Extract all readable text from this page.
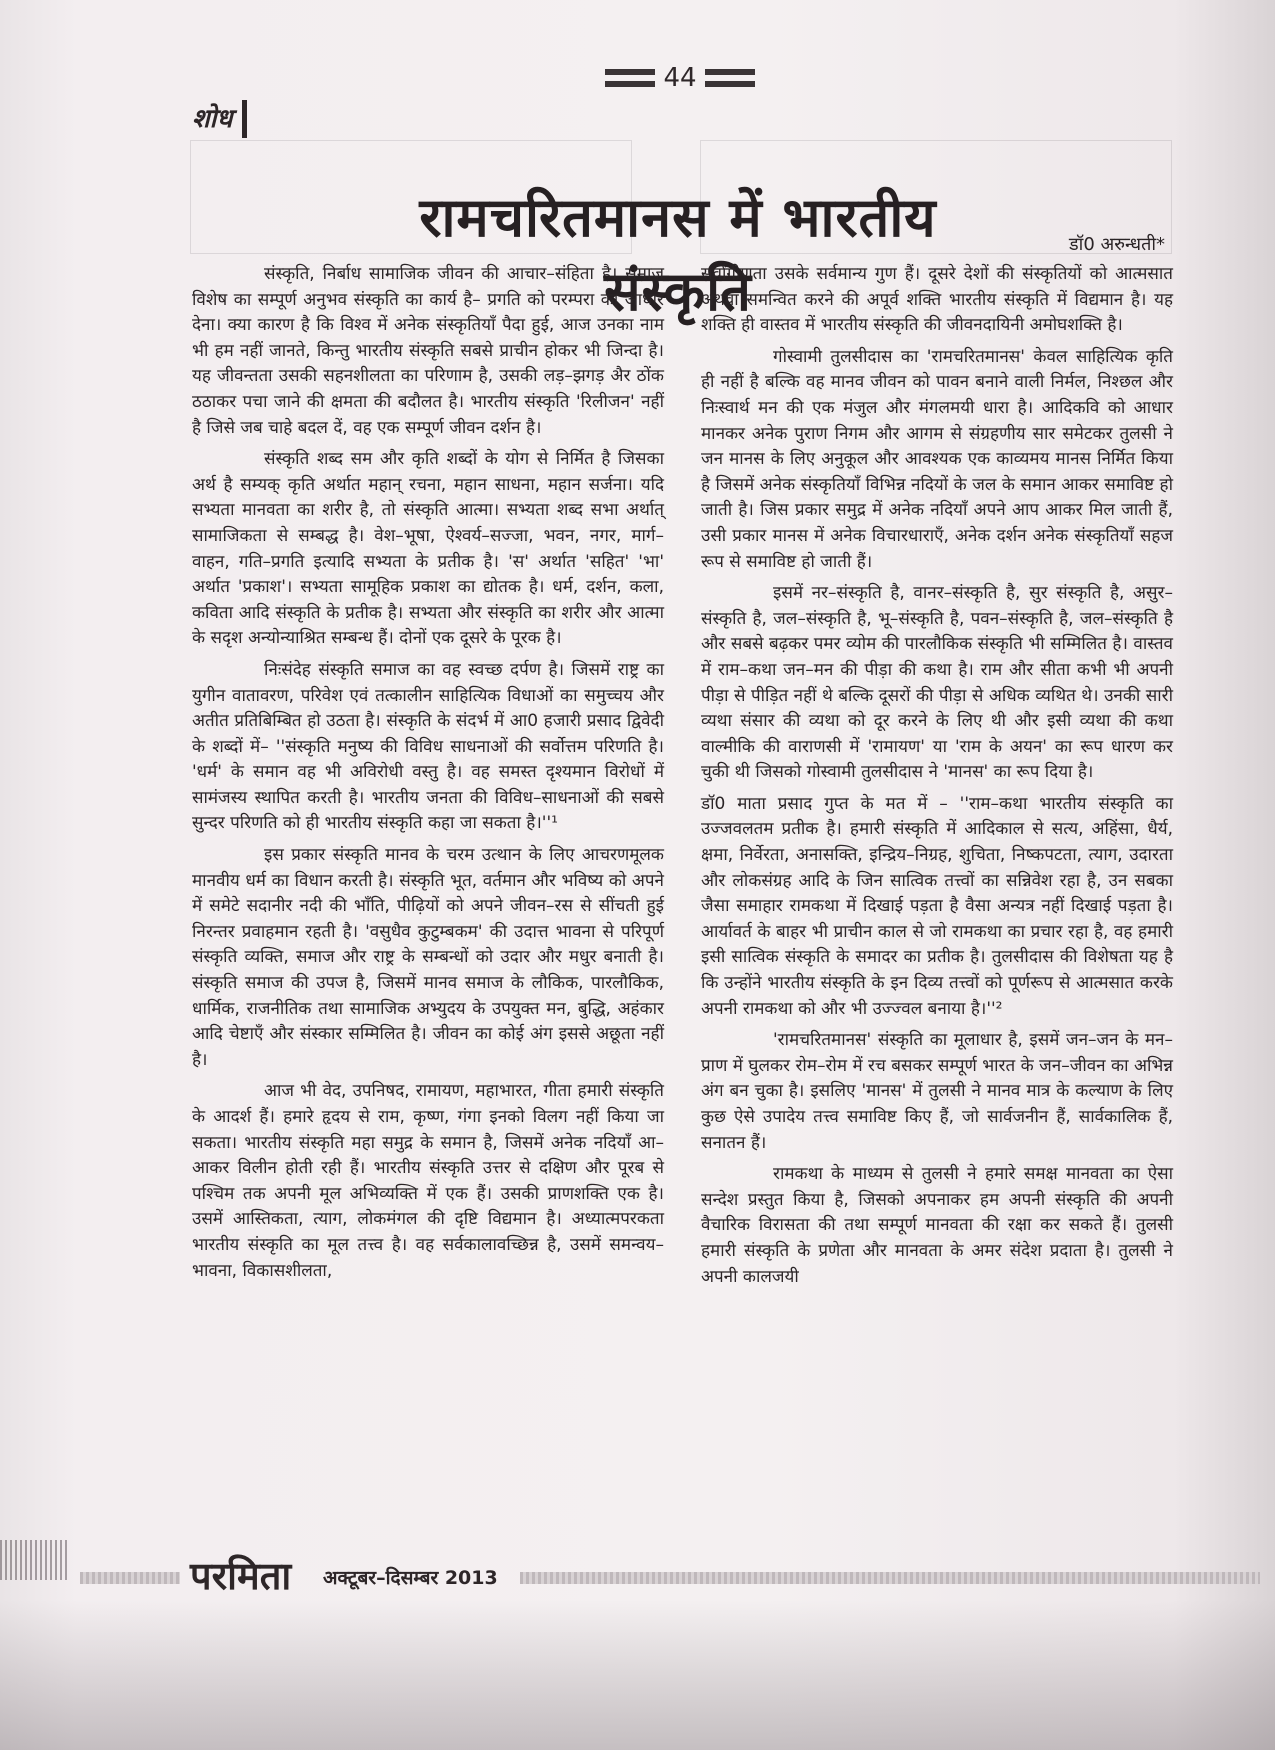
44
शोध
रामचरितमानस में भारतीय संस्कृति
डॉ0 अरुन्धती*

संस्कृति, निर्बाध सामाजिक जीवन की आचार–संहिता है। समाज विशेष का सम्पूर्ण अनुभव संस्कृति का कार्य है– प्रगति को परम्परा का आधार देना। क्या कारण है कि विश्व में अनेक संस्कृतियाँ पैदा हुई, आज उनका नाम भी हम नहीं जानते, किन्तु भारतीय संस्कृति सबसे प्राचीन होकर भी जिन्दा है। यह जीवन्तता उसकी सहनशीलता का परिणाम है, उसकी लड़–झगड़ अैर ठोंक ठठाकर पचा जाने की क्षमता की बदौलत है। भारतीय संस्कृति 'रिलीजन' नहीं है जिसे जब चाहे बदल दें, वह एक सम्पूर्ण जीवन दर्शन है।

संस्कृति शब्द सम और कृति शब्दों के योग से निर्मित है जिसका अर्थ है सम्यक् कृति अर्थात महान् रचना, महान साधना, महान सर्जना। यदि सभ्यता मानवता का शरीर है, तो संस्कृति आत्मा। सभ्यता शब्द सभा अर्थात् सामाजिकता से सम्बद्ध है। वेश–भूषा, ऐश्वर्य–सज्जा, भवन, नगर, मार्ग–वाहन, गति–प्रगति इत्यादि सभ्यता के प्रतीक है। 'स' अर्थात 'सहित' 'भा' अर्थात 'प्रकाश'। सभ्यता सामूहिक प्रकाश का द्योतक है। धर्म, दर्शन, कला, कविता आदि संस्कृति के प्रतीक है। सभ्यता और संस्कृति का शरीर और आत्मा के सदृश अन्योन्याश्रित सम्बन्ध हैं। दोनों एक दूसरे के पूरक है।

निःसंदेह संस्कृति समाज का वह स्वच्छ दर्पण है। जिसमें राष्ट्र का युगीन वातावरण, परिवेश एवं तत्कालीन साहित्यिक विधाओं का समुच्चय और अतीत प्रतिबिम्बित हो उठता है। संस्कृति के संदर्भ में आ0 हजारी प्रसाद द्विवेदी के शब्दों में– ''संस्कृति मनुष्य की विविध साधनाओं की सर्वोत्तम परिणति है। 'धर्म' के समान वह भी अविरोधी वस्तु है। वह समस्त दृश्यमान विरोधों में सामंजस्य स्थापित करती है। भारतीय जनता की विविध–साधनाओं की सबसे सुन्दर परिणति को ही भारतीय संस्कृति कहा जा सकता है।''¹

इस प्रकार संस्कृति मानव के चरम उत्थान के लिए आचरणमूलक मानवीय धर्म का विधान करती है। संस्कृति भूत, वर्तमान और भविष्य को अपने में समेटे सदानीर नदी की भाँति, पीढ़ियों को अपने जीवन–रस से सींचती हुई निरन्तर प्रवाहमान रहती है। 'वसुधैव कुटुम्बकम' की उदात्त भावना से परिपूर्ण संस्कृति व्यक्ति, समाज और राष्ट्र के सम्बन्धों को उदार और मधुर बनाती है। संस्कृति समाज की उपज है, जिसमें मानव समाज के लौकिक, पारलौकिक, धार्मिक, राजनीतिक तथा सामाजिक अभ्युदय के उपयुक्त मन, बुद्धि, अहंकार आदि चेष्टाएँ और संस्कार सम्मिलित है। जीवन का कोई अंग इससे अछूता नहीं है।

आज भी वेद, उपनिषद, रामायण, महाभारत, गीता हमारी संस्कृति के आदर्श हैं। हमारे हृदय से राम, कृष्ण, गंगा इनको विलग नहीं किया जा सकता। भारतीय संस्कृति महा समुद्र के समान है, जिसमें अनेक नदियाँ आ–आकर विलीन होती रही हैं। भारतीय संस्कृति उत्तर से दक्षिण और पूरब से पश्चिम तक अपनी मूल अभिव्यक्ति में एक हैं। उसकी प्राणशक्ति एक है। उसमें आस्तिकता, त्याग, लोकमंगल की दृष्टि विद्यमान है। अध्यात्मपरकता भारतीय संस्कृति का मूल तत्त्व है। वह सर्वकालावच्छिन्न है, उसमें समन्वय–भावना, विकासशीलता,

सर्वांगीणता उसके सर्वमान्य गुण हैं। दूसरे देशों की संस्कृतियों को आत्मसात अथवा समन्वित करने की अपूर्व शक्ति भारतीय संस्कृति में विद्यमान है। यह शक्ति ही वास्तव में भारतीय संस्कृति की जीवनदायिनी अमोघशक्ति है।

गोस्वामी तुलसीदास का 'रामचरितमानस' केवल साहित्यिक कृति ही नहीं है बल्कि वह मानव जीवन को पावन बनाने वाली निर्मल, निश्छल और निःस्वार्थ मन की एक मंजुल और मंगलमयी धारा है। आदिकवि को आधार मानकर अनेक पुराण निगम और आगम से संग्रहणीय सार समेटकर तुलसी ने जन मानस के लिए अनुकूल और आवश्यक एक काव्यमय मानस निर्मित किया है जिसमें अनेक संस्कृतियाँ विभिन्न नदियों के जल के समान आकर समाविष्ट हो जाती है। जिस प्रकार समुद्र में अनेक नदियाँ अपने आप आकर मिल जाती हैं, उसी प्रकार मानस में अनेक विचारधाराएँ, अनेक दर्शन अनेक संस्कृतियाँ सहज रूप से समाविष्ट हो जाती हैं।

इसमें नर–संस्कृति है, वानर–संस्कृति है, सुर संस्कृति है, असुर–संस्कृति है, जल–संस्कृति है, भू–संस्कृति है, पवन–संस्कृति है, जल–संस्कृति है और सबसे बढ़कर पमर व्योम की पारलौकिक संस्कृति भी सम्मिलित है। वास्तव में राम–कथा जन–मन की पीड़ा की कथा है। राम और सीता कभी भी अपनी पीड़ा से पीड़ित नहीं थे बल्कि दूसरों की पीड़ा से अधिक व्यथित थे। उनकी सारी व्यथा संसार की व्यथा को दूर करने के लिए थी और इसी व्यथा की कथा वाल्मीकि की वाराणसी में 'रामायण' या 'राम के अयन' का रूप धारण कर चुकी थी जिसको गोस्वामी तुलसीदास ने 'मानस' का रूप दिया है।

डॉ0 माता प्रसाद गुप्त के मत में – ''राम–कथा भारतीय संस्कृति का उज्जवलतम प्रतीक है। हमारी संस्कृति में आदिकाल से सत्य, अहिंसा, धैर्य, क्षमा, निर्वेरता, अनासक्ति, इन्द्रिय–निग्रह, शुचिता, निष्कपटता, त्याग, उदारता और लोकसंग्रह आदि के जिन सात्विक तत्त्वों का सन्निवेश रहा है, उन सबका जैसा समाहार रामकथा में दिखाई पड़ता है वैसा अन्यत्र नहीं दिखाई पड़ता है। आर्यावर्त के बाहर भी प्राचीन काल से जो रामकथा का प्रचार रहा है, वह हमारी इसी सात्विक संस्कृति के समादर का प्रतीक है। तुलसीदास की विशेषता यह है कि उन्होंने भारतीय संस्कृति के इन दिव्य तत्त्वों को पूर्णरूप से आत्मसात करके अपनी रामकथा को और भी उज्ज्वल बनाया है।''²

'रामचरितमानस' संस्कृति का मूलाधार है, इसमें जन–जन के मन–प्राण में घुलकर रोम–रोम में रच बसकर सम्पूर्ण भारत के जन–जीवन का अभिन्न अंग बन चुका है। इसलिए 'मानस' में तुलसी ने मानव मात्र के कल्याण के लिए कुछ ऐसे उपादेय तत्त्व समाविष्ट किए हैं, जो सार्वजनीन हैं, सार्वकालिक हैं, सनातन हैं।

रामकथा के माध्यम से तुलसी ने हमारे समक्ष मानवता का ऐसा सन्देश प्रस्तुत किया है, जिसको अपनाकर हम अपनी संस्कृति की अपनी वैचारिक विरासता की तथा सम्पूर्ण मानवता की रक्षा कर सकते हैं। तुलसी हमारी संस्कृति के प्रणेता और मानवता के अमर संदेश प्रदाता है। तुलसी ने अपनी कालजयी

परमिता अक्टूबर–दिसम्बर 2013
